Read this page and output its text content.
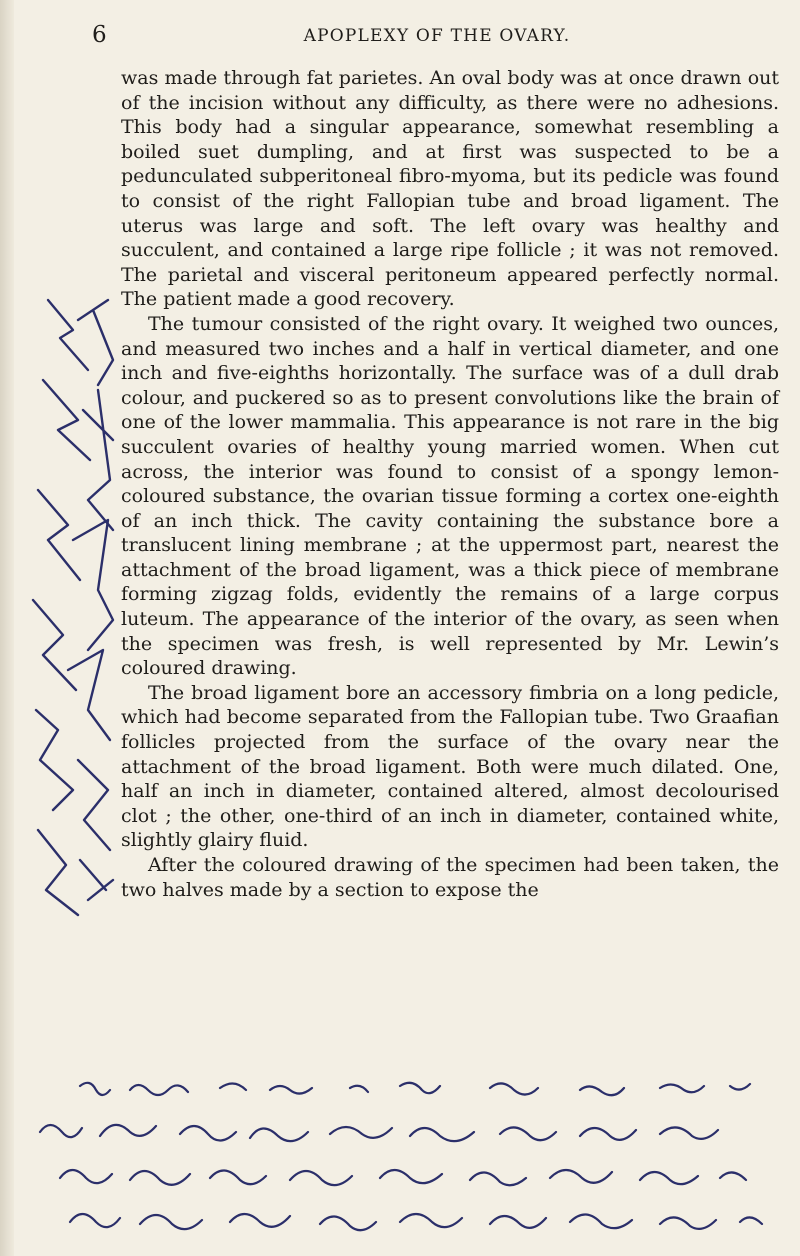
6	APOPLEXY OF THE OVARY.

was made through fat parietes. An oval body was at once drawn out of the incision without any difficulty, as there were no adhesions. This body had a singular appearance, somewhat resembling a boiled suet dumpling, and at first was suspected to be a pedunculated subperitoneal fibro-myoma, but its pedicle was found to consist of the right Fallopian tube and broad ligament. The uterus was large and soft. The left ovary was healthy and succulent, and contained a large ripe follicle ; it was not removed. The parietal and visceral peritoneum appeared perfectly normal. The patient made a good recovery.

The tumour consisted of the right ovary. It weighed two ounces, and measured two inches and a half in vertical diameter, and one inch and five-eighths horizontally. The surface was of a dull drab colour, and puckered so as to present convolutions like the brain of one of the lower mammalia. This appearance is not rare in the big succulent ovaries of healthy young married women. When cut across, the interior was found to consist of a spongy lemon-coloured substance, the ovarian tissue forming a cortex one-eighth of an inch thick. The cavity containing the substance bore a translucent lining membrane ; at the uppermost part, nearest the attachment of the broad ligament, was a thick piece of membrane forming zigzag folds, evidently the remains of a large corpus luteum. The appearance of the interior of the ovary, as seen when the specimen was fresh, is well represented by Mr. Lewin’s coloured drawing.

The broad ligament bore an accessory fimbria on a long pedicle, which had become separated from the Fallopian tube. Two Graafian follicles projected from the surface of the ovary near the attachment of the broad ligament. Both were much dilated. One, half an inch in diameter, contained altered, almost decolourised clot ; the other, one-third of an inch in diameter, contained white, slightly glairy fluid.

After the coloured drawing of the specimen had been taken, the two halves made by a section to expose the
